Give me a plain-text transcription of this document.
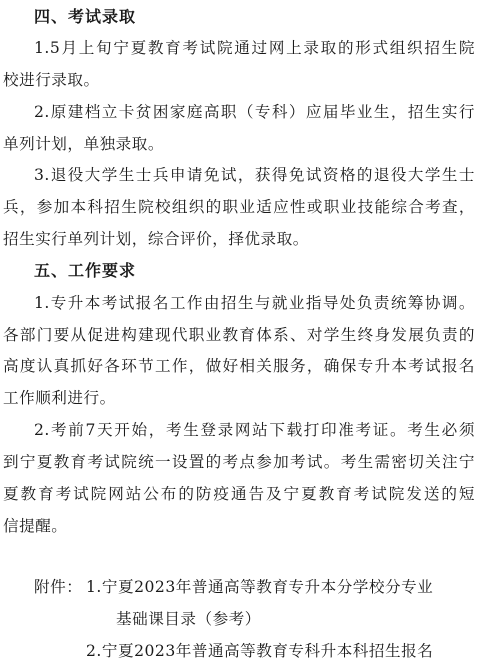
四、考试录取
1.5月上旬宁夏教育考试院通过网上录取的形式组织招生院
校进行录取。
2.原建档立卡贫困家庭高职（专科）应届毕业生，招生实行
单列计划，单独录取。
3.退役大学生士兵申请免试，获得免试资格的退役大学生士
兵，参加本科招生院校组织的职业适应性或职业技能综合考查，
招生实行单列计划，综合评价，择优录取。
五、工作要求
1.专升本考试报名工作由招生与就业指导处负责统筹协调。
各部门要从促进构建现代职业教育体系、对学生终身发展负责的
高度认真抓好各环节工作，做好相关服务，确保专升本考试报名
工作顺利进行。
2.考前7天开始，考生登录网站下载打印准考证。考生必须
到宁夏教育考试院统一设置的考点参加考试。考生需密切关注宁
夏教育考试院网站公布的防疫通告及宁夏教育考试院发送的短
信提醒。
附件： 1.宁夏2023年普通高等教育专升本分学校分专业
基础课目录（参考）
2.宁夏2023年普通高等教育专科升本科招生报名
